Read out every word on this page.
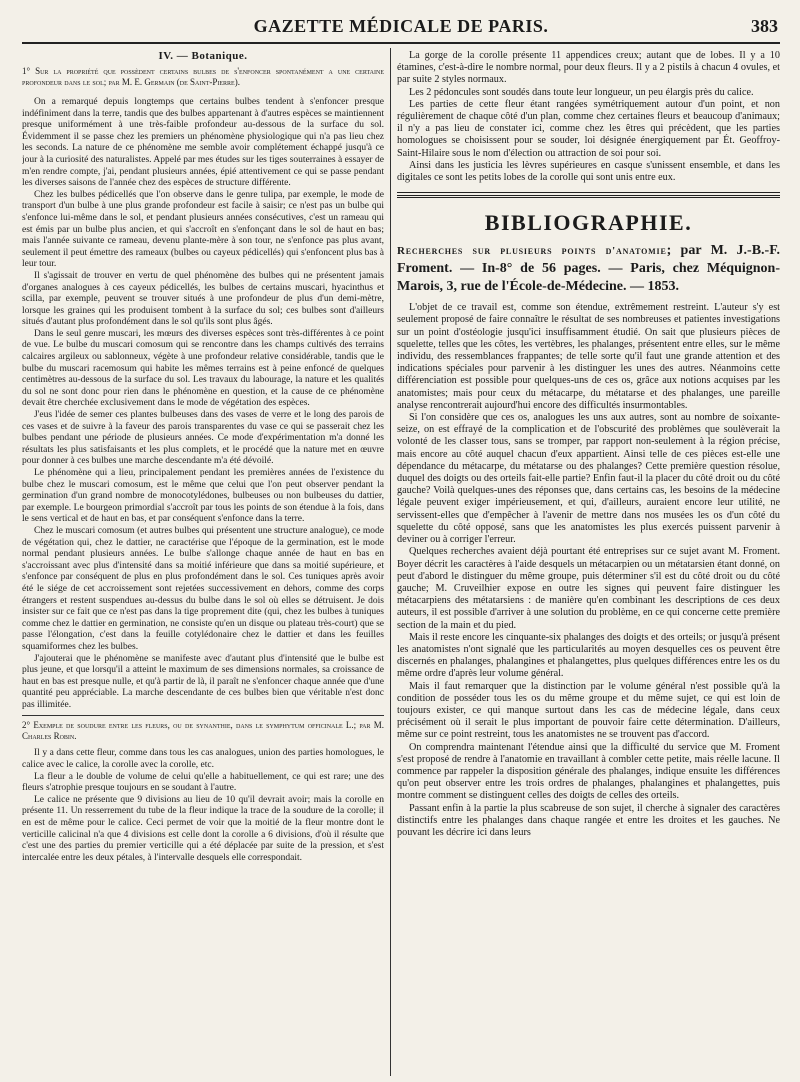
GAZETTE MÉDICALE DE PARIS.	383
IV. — Botanique.

1° Sur la propriété que possèdent certains bulbes de s'enfoncer spontanément a une certaine profondeur dans le sol; par M. E. Germain (de Saint-Pierre).

On a remarqué depuis longtemps que certains bulbes tendent à s'enfoncer presque indéfiniment dans la terre, tandis que des bulbes appartenant à d'autres espèces se maintiennent presque uniformément à une très-faible profondeur au-dessous de la surface du sol. Évidemment il se passe chez les premiers un phénomène physiologique qui n'a pas lieu chez les seconds. La nature de ce phénomène me semble avoir complétement échappé jusqu'à ce jour à la curiosité des naturalistes. Appelé par mes études sur les tiges souterraines à essayer de m'en rendre compte, j'ai, pendant plusieurs années, épié attentivement ce qui se passe pendant les diverses saisons de l'année chez des espèces de structure différente.

Chez les bulbes pédicellés que l'on observe dans le genre tulipa, par exemple, le mode de transport d'un bulbe à une plus grande profondeur est facile à saisir; ce n'est pas un bulbe qui s'enfonce lui-même dans le sol, et pendant plusieurs années consécutives, c'est un rameau qui est émis par un bulbe plus ancien, et qui s'accroît en s'enfonçant dans le sol de haut en bas; mais l'année suivante ce rameau, devenu plante-mère à son tour, ne s'enfonce pas plus avant, seulement il peut émettre des rameaux (bulbes ou cayeux pédicellés) qui s'enfoncent plus bas à leur tour.

Il s'agissait de trouver en vertu de quel phénomène des bulbes qui ne présentent jamais d'organes analogues à ces cayeux pédicellés, les bulbes de certains muscari, hyacinthus et scilla, par exemple, peuvent se trouver situés à une profondeur de plus d'un demi-mètre, lorsque les graines qui les produisent tombent à la surface du sol; ces bulbes sont d'ailleurs situés d'autant plus profondément dans le sol qu'ils sont plus âgés.

Dans le seul genre muscari, les mœurs des diverses espèces sont très-différentes à ce point de vue. Le bulbe du muscari comosum qui se rencontre dans les champs cultivés des terrains calcaires argileux ou sablonneux, végète à une profondeur relative considérable, tandis que le bulbe du muscari racemosum qui habite les mêmes terrains est à peine enfoncé de quelques centimètres au-dessous de la surface du sol. Les travaux du labourage, la nature et les qualités du sol ne sont donc pour rien dans le phénomène en question, et la cause de ce phénomène devait être cherchée exclusivement dans le mode de végétation des espèces.

J'eus l'idée de semer ces plantes bulbeuses dans des vases de verre et le long des parois de ces vases et de suivre à la faveur des parois transparentes du vase ce qui se passerait chez les bulbes pendant une période de plusieurs années. Ce mode d'expérimentation m'a donné les résultats les plus satisfaisants et les plus complets, et le procédé que la nature met en œuvre pour donner à ces bulbes une marche descendante m'a été dévoilé.

Le phénomène qui a lieu, principalement pendant les premières années de l'existence du bulbe chez le muscari comosum, est le même que celui que l'on peut observer pendant la germination d'un grand nombre de monocotylédones, bulbeuses ou non bulbeuses du dattier, par exemple. Le bourgeon primordial s'accroît par tous les points de son étendue à la fois, dans le sens vertical et de haut en bas, et par conséquent s'enfonce dans la terre.

Chez le muscari comosum (et autres bulbes qui présentent une structure analogue), ce mode de végétation qui, chez le dattier, ne caractérise que l'époque de la germination, est le mode normal pendant plusieurs années. Le bulbe s'allonge chaque année de haut en bas en s'accroissant avec plus d'intensité dans sa moitié inférieure que dans sa moitié supérieure, et s'enfonce par conséquent de plus en plus profondément dans le sol. Ces tuniques après avoir été le siége de cet accroissement sont rejetées successivement en dehors, comme des corps étrangers et restent suspendues au-dessus du bulbe dans le sol où elles se détruisent. Je dois insister sur ce fait que ce n'est pas dans la tige proprement dite (qui, chez les bulbes à tuniques comme chez le dattier en germination, ne consiste qu'en un disque ou plateau très-court) que se passe l'élongation, c'est dans la feuille cotylédonaire chez le dattier et dans les feuilles squamiformes chez les bulbes.

J'ajouterai que le phénomène se manifeste avec d'autant plus d'intensité que le bulbe est plus jeune, et que lorsqu'il a atteint le maximum de ses dimensions normales, sa croissance de haut en bas est presque nulle, et qu'à partir de là, il paraît ne s'enfoncer chaque année que d'une quantité peu appréciable. La marche descendante de ces bulbes bien que véritable n'est donc pas illimitée.

2° Exemple de soudure entre les fleurs, ou de synanthie, dans le symphytum officinale L.; par M. Charles Robin.

Il y a dans cette fleur, comme dans tous les cas analogues, union des parties homologues, le calice avec le calice, la corolle avec la corolle, etc.

La fleur a le double de volume de celui qu'elle a habituellement, ce qui est rare; une des fleurs s'atrophie presque toujours en se soudant à l'autre.

Le calice ne présente que 9 divisions au lieu de 10 qu'il devrait avoir; mais la corolle en présente 11. Un resserrement du tube de la fleur indique la trace de la soudure de la corolle; il en est de même pour le calice. Ceci permet de voir que la moitié de la fleur montre dont le verticille calicinal n'a que 4 divisions est celle dont la corolle a 6 divisions, d'où il résulte que c'est une des parties du premier verticille qui a été déplacée par suite de la pression, et s'est intercalée entre les deux pétales, à l'intervalle desquels elle correspondait.

La gorge de la corolle présente 11 appendices creux; autant que de lobes. Il y a 10 étamines, c'est-à-dire le nombre normal, pour deux fleurs. Il y a 2 pistils à chacun 4 ovules, et par suite 2 styles normaux.

Les 2 pédoncules sont soudés dans toute leur longueur, un peu élargis près du calice.

Les parties de cette fleur étant rangées symétriquement autour d'un point, et non régulièrement de chaque côté d'un plan, comme chez certaines fleurs et beaucoup d'animaux; il n'y a pas lieu de constater ici, comme chez les êtres qui précèdent, que les parties homologues se choisissent pour se souder, loi désignée énergiquement par Ét. Geoffroy-Saint-Hilaire sous le nom d'élection ou attraction de soi pour soi.

Ainsi dans les justicia les lèvres supérieures en casque s'unissent ensemble, et dans les digitales ce sont les petits lobes de la corolle qui sont unis entre eux.

BIBLIOGRAPHIE.
Recherches sur plusieurs points d'anatomie; par M. J.-B.-F. Froment. — In-8° de 56 pages. — Paris, chez Méquignon-Marois, 3, rue de l'École-de-Médecine. — 1853.

L'objet de ce travail est, comme son étendue, extrêmement restreint. L'auteur s'y est seulement proposé de faire connaître le résultat de ses nombreuses et patientes investigations sur un point d'ostéologie jusqu'ici insuffisamment étudié. On sait que plusieurs pièces de squelette, telles que les côtes, les vertèbres, les phalanges, présentent entre elles, sur le même individu, des ressemblances frappantes; de telle sorte qu'il faut une grande attention et des indications spéciales pour parvenir à les distinguer les unes des autres. Néanmoins cette différenciation est possible pour quelques-uns de ces os, grâce aux notions acquises par les anatomistes; mais pour ceux du métacarpe, du métatarse et des phalanges, une pareille analyse rencontrerait aujourd'hui encore des difficultés insurmontables.

Si l'on considère que ces os, analogues les uns aux autres, sont au nombre de soixante-seize, on est effrayé de la complication et de l'obscurité des problèmes que soulèverait la volonté de les classer tous, sans se tromper, par rapport non-seulement à la région précise, mais encore au côté auquel chacun d'eux appartient. Ainsi telle de ces pièces est-elle une dépendance du métacarpe, du métatarse ou des phalanges? Cette première question résolue, duquel des doigts ou des orteils fait-elle partie? Enfin faut-il la placer du côté droit ou du côté gauche? Voilà quelques-unes des réponses que, dans certains cas, les besoins de la médecine légale peuvent exiger impérieusement, et qui, d'ailleurs, auraient encore leur utilité, ne servissent-elles que d'empêcher à l'avenir de mettre dans nos musées les os d'un côté du squelette du côté opposé, sans que les anatomistes les plus exercés puissent parvenir à deviner ou à corriger l'erreur.

Quelques recherches avaient déjà pourtant été entreprises sur ce sujet avant M. Froment. Boyer décrit les caractères à l'aide desquels un métacarpien ou un métatarsien étant donné, on peut d'abord le distinguer du même groupe, puis déterminer s'il est du côté droit ou du côté gauche; M. Cruveilhier expose en outre les signes qui peuvent faire distinguer les métacarpiens des métatarsiens : de manière qu'en combinant les descriptions de ces deux auteurs, il est possible d'arriver à une solution du problème, en ce qui concerne cette première section de la main et du pied.

Mais il reste encore les cinquante-six phalanges des doigts et des orteils; or jusqu'à présent les anatomistes n'ont signalé que les particularités au moyen desquelles ces os peuvent être discernés en phalanges, phalangines et phalangettes, plus quelques différences entre les os du même ordre d'après leur volume général.

Mais il faut remarquer que la distinction par le volume général n'est possible qu'à la condition de posséder tous les os du même groupe et du même sujet, ce qui est loin de toujours exister, ce qui manque surtout dans les cas de médecine légale, dans ceux précisément où il serait le plus important de pouvoir faire cette détermination. D'ailleurs, même sur ce point restreint, tous les anatomistes ne se trouvent pas d'accord.

On comprendra maintenant l'étendue ainsi que la difficulté du service que M. Froment s'est proposé de rendre à l'anatomie en travaillant à combler cette petite, mais réelle lacune. Il commence par rappeler la disposition générale des phalanges, indique ensuite les différences qu'on peut observer entre les trois ordres de phalanges, phalangines et phalangettes, puis montre comment se distinguent celles des doigts de celles des orteils.

Passant enfin à la partie la plus scabreuse de son sujet, il cherche à signaler des caractères distinctifs entre les phalanges dans chaque rangée et entre les droites et les gauches. Ne pouvant les décrire ici dans leurs
